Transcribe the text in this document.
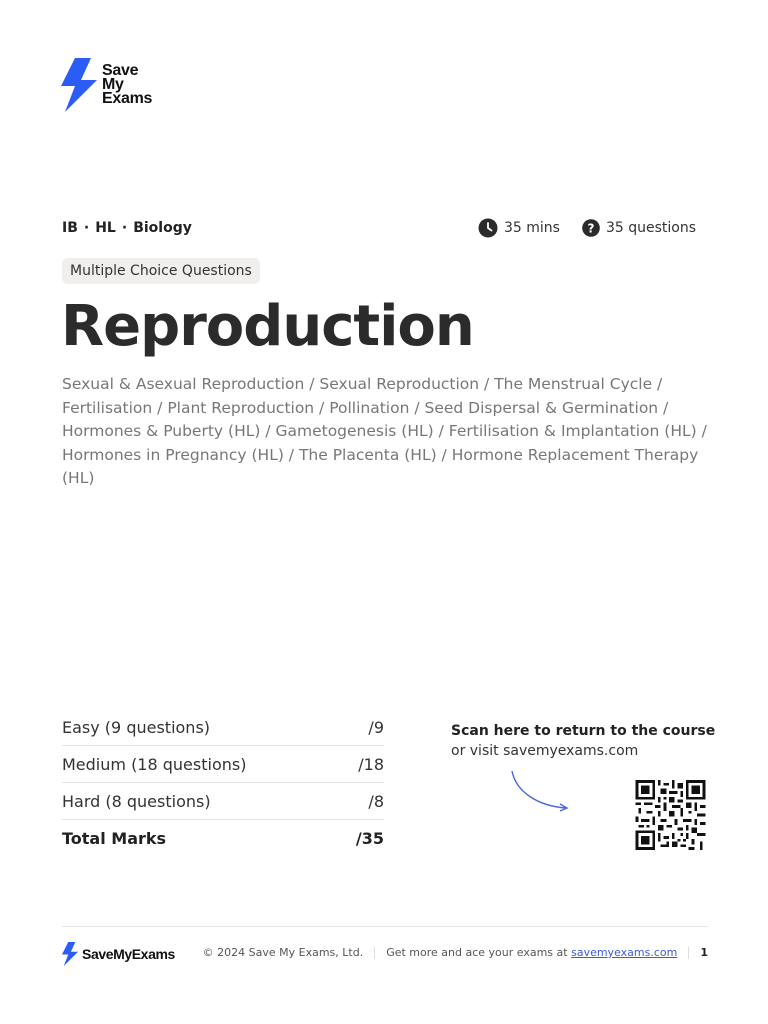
Save
My
Exams
IB · HL · Biology	35 mins ? 35 questions
Multiple Choice Questions
Reproduction
Sexual & Asexual Reproduction / Sexual Reproduction / The Menstrual Cycle / Fertilisation / Plant Reproduction / Pollination / Seed Dispersal & Germination / Hormones & Puberty (HL) / Gametogenesis (HL) / Fertilisation & Implantation (HL) / Hormones in Pregnancy (HL) / The Placenta (HL) / Hormone Replacement Therapy (HL)
Easy (9 questions)	/9
Medium (18 questions)	/18
Hard (8 questions)	/8
Total Marks	/35
Scan here to return to the course
or visit savemyexams.com
SaveMyExams	© 2024 Save My Exams, Ltd. Get more and ace your exams at savemyexams.com 1
